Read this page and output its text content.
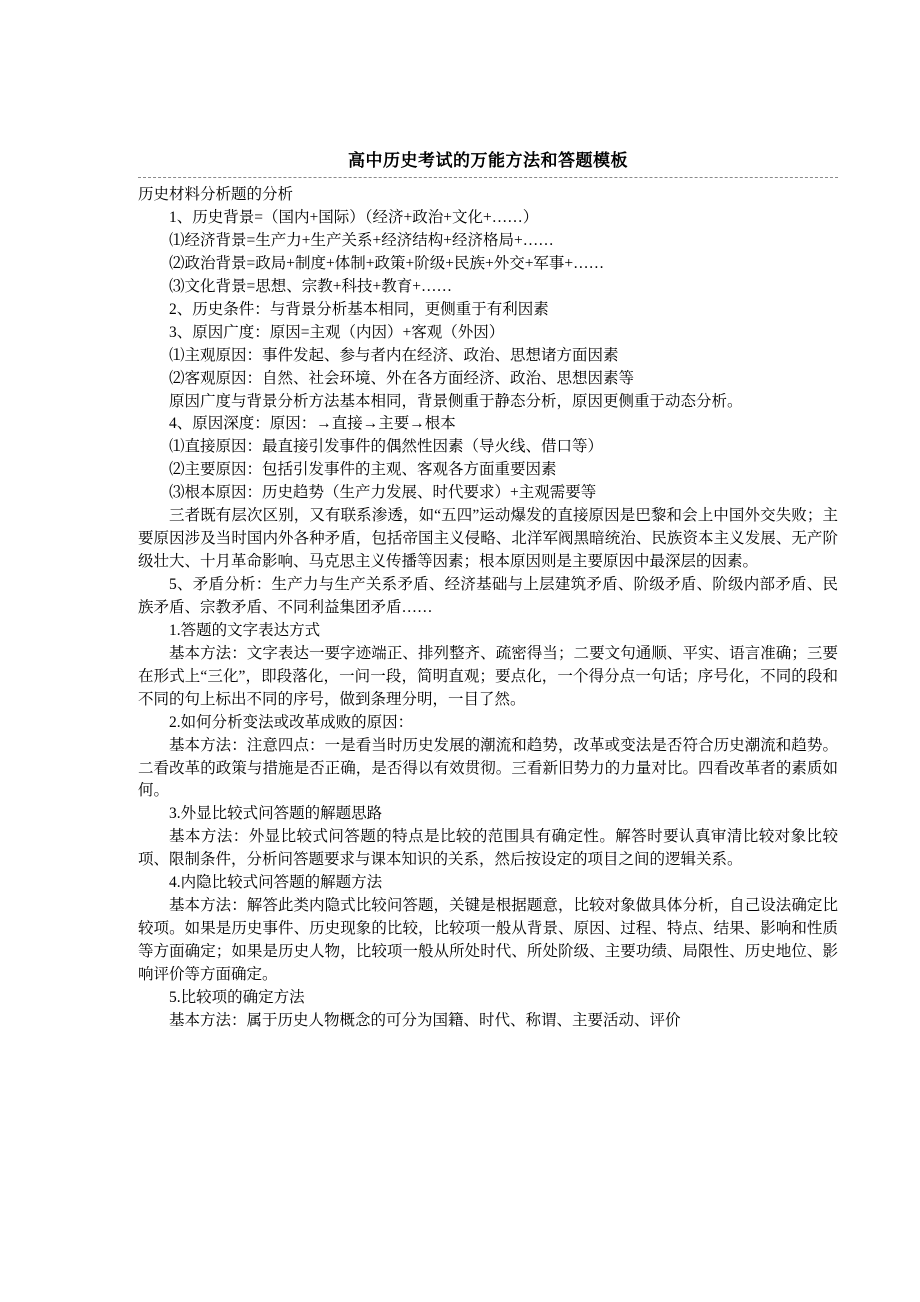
高中历史考试的万能方法和答题模板

历史材料分析题的分析

1、历史背景=（国内+国际）（经济+政治+文化+……）

⑴经济背景=生产力+生产关系+经济结构+经济格局+……

⑵政治背景=政局+制度+体制+政策+阶级+民族+外交+军事+……

⑶文化背景=思想、宗教+科技+教育+……

2、历史条件：与背景分析基本相同，更侧重于有利因素

3、原因广度：原因=主观（内因）+客观（外因）

⑴主观原因：事件发起、参与者内在经济、政治、思想诸方面因素

⑵客观原因：自然、社会环境、外在各方面经济、政治、思想因素等

原因广度与背景分析方法基本相同，背景侧重于静态分析，原因更侧重于动态分析。

4、原因深度：原因：→直接→主要→根本

⑴直接原因：最直接引发事件的偶然性因素（导火线、借口等）

⑵主要原因：包括引发事件的主观、客观各方面重要因素

⑶根本原因：历史趋势（生产力发展、时代要求）+主观需要等

三者既有层次区别，又有联系渗透，如“五四”运动爆发的直接原因是巴黎和会上中国外交失败；主要原因涉及当时国内外各种矛盾，包括帝国主义侵略、北洋军阀黑暗统治、民族资本主义发展、无产阶级壮大、十月革命影响、马克思主义传播等因素；根本原因则是主要原因中最深层的因素。

5、矛盾分析：生产力与生产关系矛盾、经济基础与上层建筑矛盾、阶级矛盾、阶级内部矛盾、民族矛盾、宗教矛盾、不同利益集团矛盾……

1.答题的文字表达方式

基本方法：文字表达一要字迹端正、排列整齐、疏密得当；二要文句通顺、平实、语言准确；三要在形式上“三化”，即段落化，一问一段，简明直观；要点化，一个得分点一句话；序号化，不同的段和不同的句上标出不同的序号，做到条理分明，一目了然。

2.如何分析变法或改革成败的原因：

基本方法：注意四点：一是看当时历史发展的潮流和趋势，改革或变法是否符合历史潮流和趋势。二看改革的政策与措施是否正确，是否得以有效贯彻。三看新旧势力的力量对比。四看改革者的素质如何。

3.外显比较式问答题的解题思路

基本方法：外显比较式问答题的特点是比较的范围具有确定性。解答时要认真审清比较对象比较项、限制条件，分析问答题要求与课本知识的关系，然后按设定的项目之间的逻辑关系。

4.内隐比较式问答题的解题方法

基本方法：解答此类内隐式比较问答题，关键是根据题意，比较对象做具体分析，自己设法确定比较项。如果是历史事件、历史现象的比较，比较项一般从背景、原因、过程、特点、结果、影响和性质等方面确定；如果是历史人物，比较项一般从所处时代、所处阶级、主要功绩、局限性、历史地位、影响评价等方面确定。

5.比较项的确定方法

基本方法：属于历史人物概念的可分为国籍、时代、称谓、主要活动、评价
